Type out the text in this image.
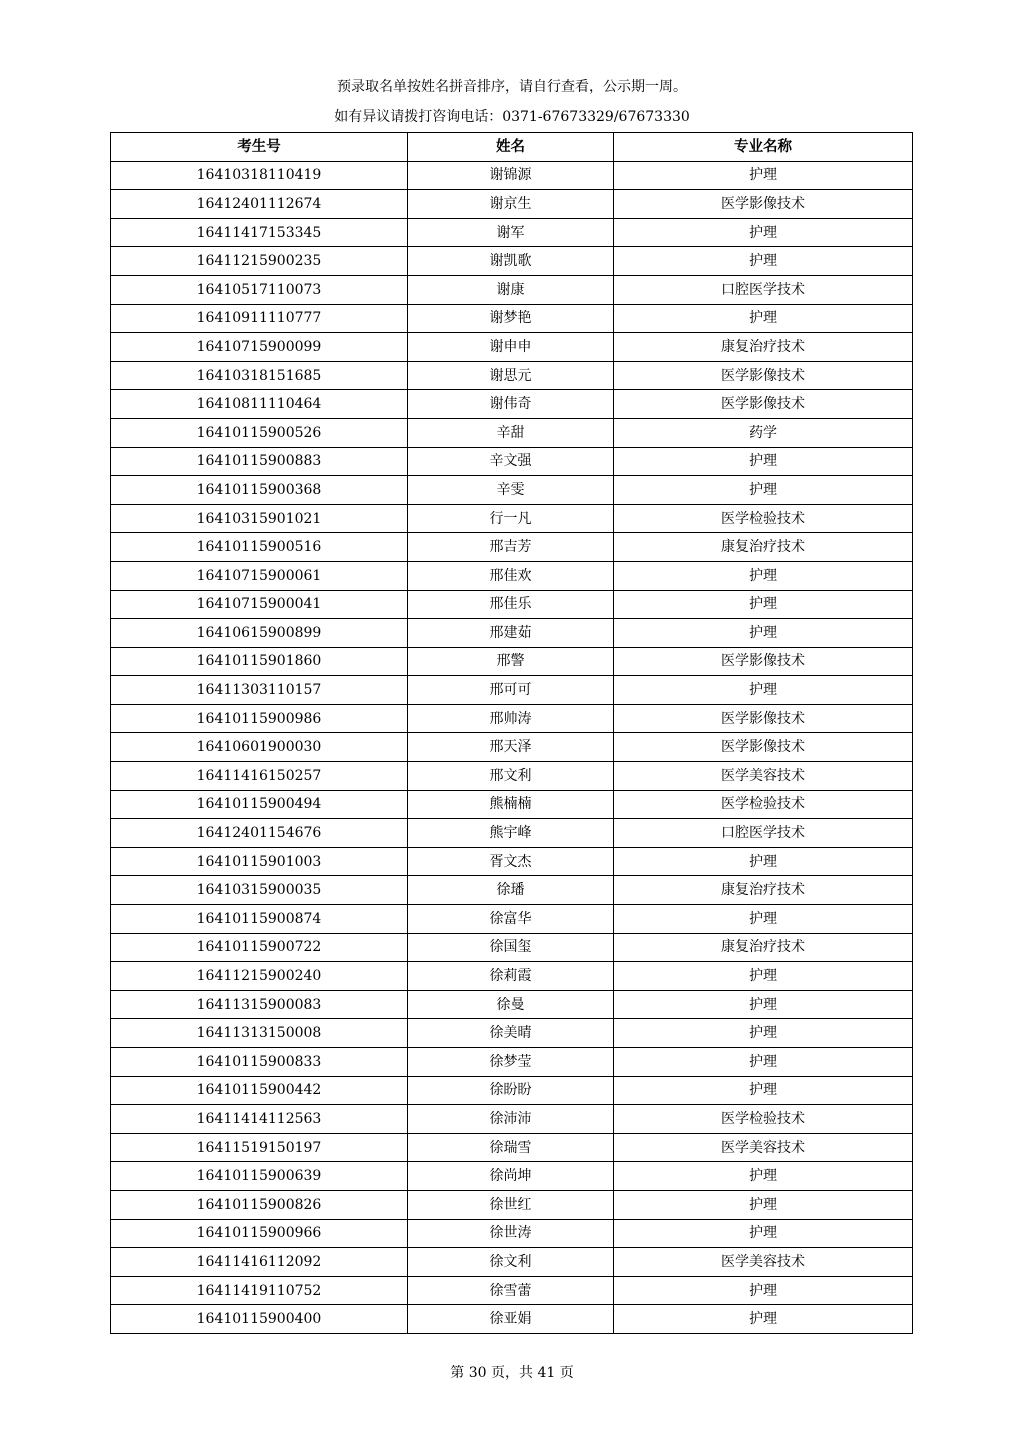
预录取名单按姓名拼音排序，请自行查看，公示期一周。
如有异议请拨打咨询电话：0371-67673329/67673330
考生号	姓名	专业名称
16410318110419	谢锦源	护理
16412401112674	谢京生	医学影像技术
16411417153345	谢军	护理
16411215900235	谢凯歌	护理
16410517110073	谢康	口腔医学技术
16410911110777	谢梦艳	护理
16410715900099	谢申申	康复治疗技术
16410318151685	谢思元	医学影像技术
16410811110464	谢伟奇	医学影像技术
16410115900526	辛甜	药学
16410115900883	辛文强	护理
16410115900368	辛雯	护理
16410315901021	行一凡	医学检验技术
16410115900516	邢吉芳	康复治疗技术
16410715900061	邢佳欢	护理
16410715900041	邢佳乐	护理
16410615900899	邢建茹	护理
16410115901860	邢警	医学影像技术
16411303110157	邢可可	护理
16410115900986	邢帅涛	医学影像技术
16410601900030	邢天泽	医学影像技术
16411416150257	邢文利	医学美容技术
16410115900494	熊楠楠	医学检验技术
16412401154676	熊宇峰	口腔医学技术
16410115901003	胥文杰	护理
16410315900035	徐璠	康复治疗技术
16410115900874	徐富华	护理
16410115900722	徐国玺	康复治疗技术
16411215900240	徐莉霞	护理
16411315900083	徐曼	护理
16411313150008	徐美晴	护理
16410115900833	徐梦莹	护理
16410115900442	徐盼盼	护理
16411414112563	徐沛沛	医学检验技术
16411519150197	徐瑞雪	医学美容技术
16410115900639	徐尚坤	护理
16410115900826	徐世红	护理
16410115900966	徐世涛	护理
16411416112092	徐文利	医学美容技术
16411419110752	徐雪蕾	护理
16410115900400	徐亚娟	护理
第 30 页，共 41 页
